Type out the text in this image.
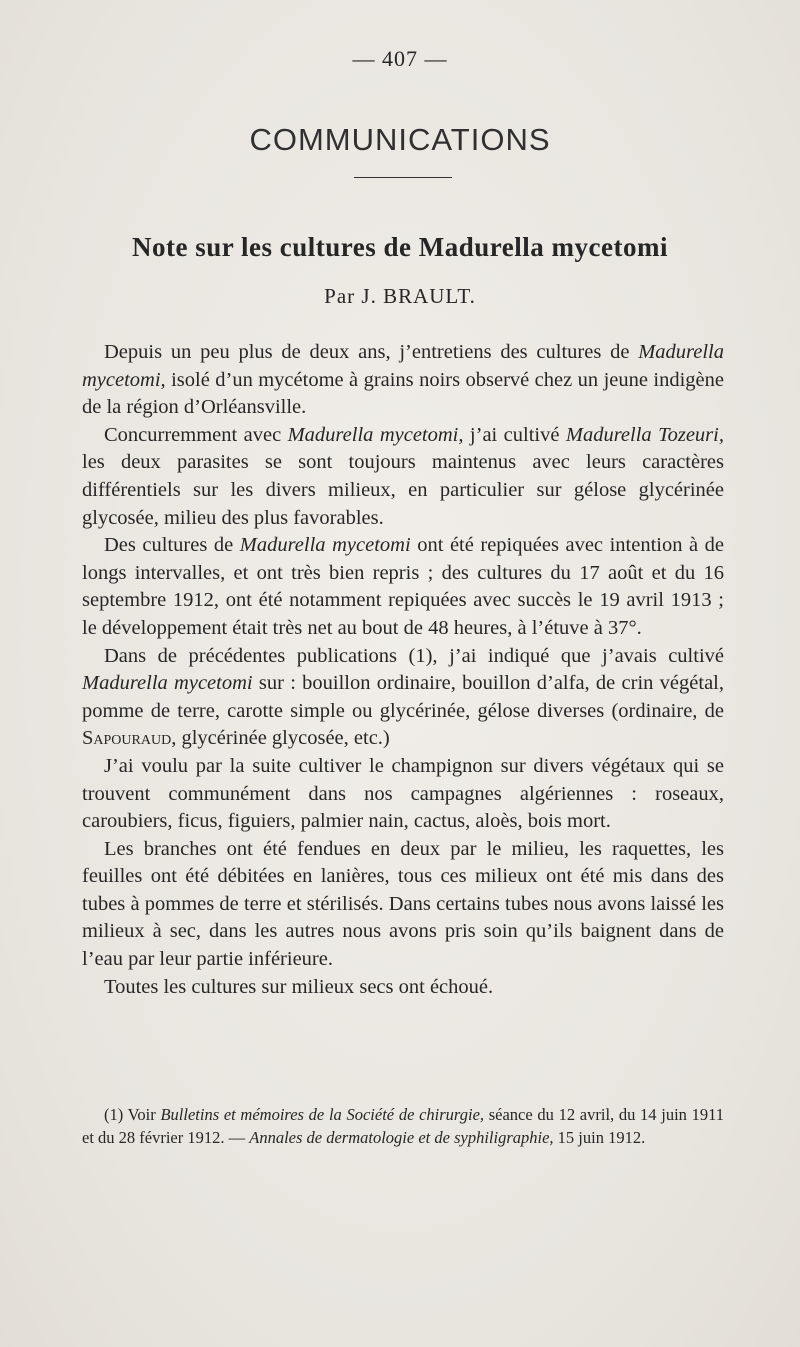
— 407 —
COMMUNICATIONS
Note sur les cultures de Madurella mycetomi
Par J. BRAULT.

Depuis un peu plus de deux ans, j’entretiens des cultures de Madurella mycetomi, isolé d’un mycétome à grains noirs observé chez un jeune indigène de la région d’Orléansville.

Concurremment avec Madurella mycetomi, j’ai cultivé Madurella Tozeuri, les deux parasites se sont toujours maintenus avec leurs caractères différentiels sur les divers milieux, en particulier sur gélose glycérinée glycosée, milieu des plus favorables.

Des cultures de Madurella mycetomi ont été repiquées avec intention à de longs intervalles, et ont très bien repris ; des cultures du 17 août et du 16 septembre 1912, ont été notamment repiquées avec succès le 19 avril 1913 ; le développement était très net au bout de 48 heures, à l’étuve à 37°.

Dans de précédentes publications (1), j’ai indiqué que j’avais cultivé Madurella mycetomi sur : bouillon ordinaire, bouillon d’alfa, de crin végétal, pomme de terre, carotte simple ou glycérinée, gélose diverses (ordinaire, de Sapouraud, glycérinée glycosée, etc.)

J’ai voulu par la suite cultiver le champignon sur divers végétaux qui se trouvent communément dans nos campagnes algériennes : roseaux, caroubiers, ficus, figuiers, palmier nain, cactus, aloès, bois mort.

Les branches ont été fendues en deux par le milieu, les raquettes, les feuilles ont été débitées en lanières, tous ces milieux ont été mis dans des tubes à pommes de terre et stérilisés. Dans certains tubes nous avons laissé les milieux à sec, dans les autres nous avons pris soin qu’ils baignent dans de l’eau par leur partie inférieure.

Toutes les cultures sur milieux secs ont échoué.

(1) Voir Bulletins et mémoires de la Société de chirurgie, séance du 12 avril, du 14 juin 1911 et du 28 février 1912. — Annales de dermatologie et de syphiligraphie, 15 juin 1912.
